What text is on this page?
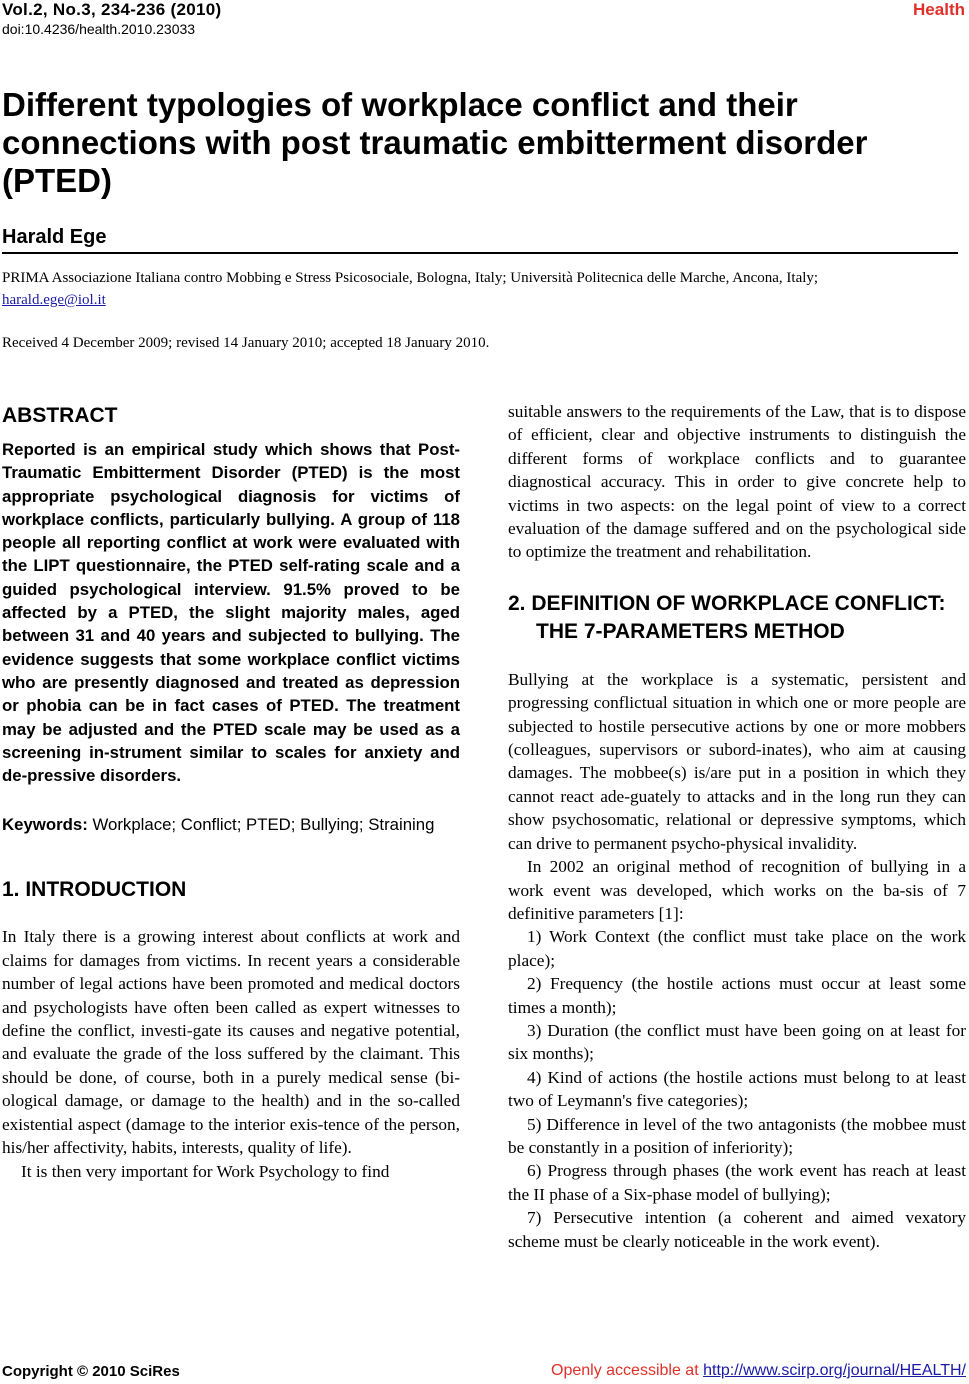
Vol.2, No.3, 234-236 (2010)
doi:10.4236/health.2010.23033
Health
Different typologies of workplace conflict and their connections with post traumatic embitterment disorder (PTED)
Harald Ege
PRIMA Associazione Italiana contro Mobbing e Stress Psicosociale, Bologna, Italy; Università Politecnica delle Marche, Ancona, Italy;
harald.ege@iol.it
Received 4 December 2009; revised 14 January 2010; accepted 18 January 2010.
ABSTRACT

Reported is an empirical study which shows that Post-Traumatic Embitterment Disorder (PTED) is the most appropriate psychological diagnosis for victims of workplace conflicts, particularly bullying. A group of 118 people all reporting conflict at work were evaluated with the LIPT questionnaire, the PTED self-rating scale and a guided psychological interview. 91.5% proved to be affected by a PTED, the slight majority males, aged between 31 and 40 years and subjected to bullying. The evidence suggests that some workplace conflict victims who are presently diagnosed and treated as depression or phobia can be in fact cases of PTED. The treatment may be adjusted and the PTED scale may be used as a screening in-strument similar to scales for anxiety and de-pressive disorders.

Keywords: Workplace; Conflict; PTED; Bullying; Straining
1. INTRODUCTION

In Italy there is a growing interest about conflicts at work and claims for damages from victims. In recent years a considerable number of legal actions have been promoted and medical doctors and psychologists have often been called as expert witnesses to define the conflict, investi-gate its causes and negative potential, and evaluate the grade of the loss suffered by the claimant. This should be done, of course, both in a purely medical sense (bi-ological damage, or damage to the health) and in the so-called existential aspect (damage to the interior exis-tence of the person, his/her affectivity, habits, interests, quality of life).

It is then very important for Work Psychology to find

suitable answers to the requirements of the Law, that is to dispose of efficient, clear and objective instruments to distinguish the different forms of workplace conflicts and to guarantee diagnostical accuracy. This in order to give concrete help to victims in two aspects: on the legal point of view to a correct evaluation of the damage suffered and on the psychological side to optimize the treatment and rehabilitation.

2. DEFINITION OF WORKPLACE CONFLICT: THE 7-PARAMETERS METHOD

Bullying at the workplace is a systematic, persistent and progressing conflictual situation in which one or more people are subjected to hostile persecutive actions by one or more mobbers (colleagues, supervisors or subord-inates), who aim at causing damages. The mobbee(s) is/are put in a position in which they cannot react ade-guately to attacks and in the long run they can show psychosomatic, relational or depressive symptoms, which can drive to permanent psycho-physical invalidity.

In 2002 an original method of recognition of bullying in a work event was developed, which works on the ba-sis of 7 definitive parameters [1]:

1) Work Context (the conflict must take place on the work place);

2) Frequency (the hostile actions must occur at least some times a month);

3) Duration (the conflict must have been going on at least for six months);

4) Kind of actions (the hostile actions must belong to at least two of Leymann's five categories);

5) Difference in level of the two antagonists (the mobbee must be constantly in a position of inferiority);

6) Progress through phases (the work event has reach at least the II phase of a Six-phase model of bullying);

7) Persecutive intention (a coherent and aimed vexatory scheme must be clearly noticeable in the work event).

Copyright © 2010 SciRes	Openly accessible at http://www.scirp.org/journal/HEALTH/
